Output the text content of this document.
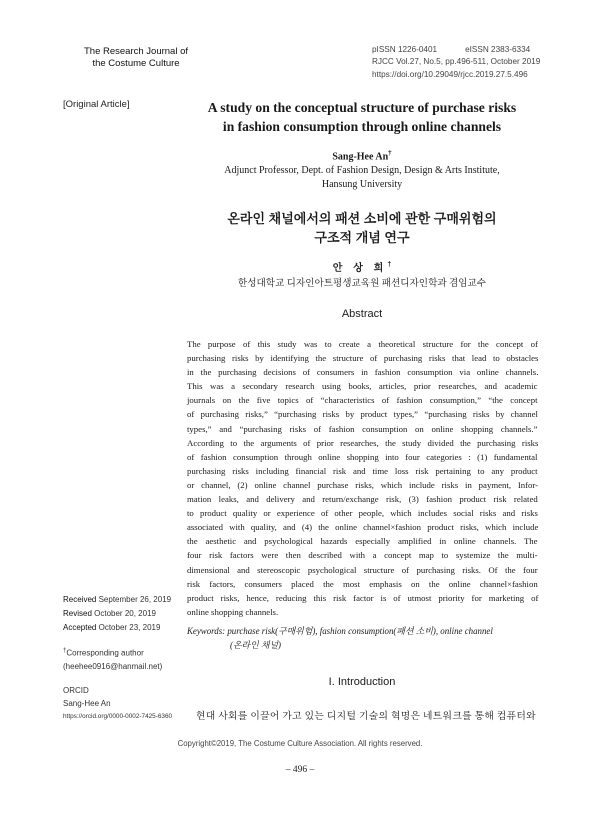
The Research Journal of
the Costume Culture
pISSN 1226-0401	eISSN 2383-6334
RJCC Vol.27, No.5, pp.496-511, October 2019
https://doi.org/10.29049/rjcc.2019.27.5.496
[Original Article]	A study on the conceptual structure of purchase risks
in fashion consumption through online channels
Sang-Hee An†
Adjunct Professor, Dept. of Fashion Design, Design & Arts Institute,
Hansung University
온라인 채널에서의 패션 소비에 관한 구매위험의
구조적 개념 연구
안 상 희†
한성대학교 디자인아트평생교육원 패션디자인학과 겸임교수
Abstract
The purpose of this study was to create a theoretical structure for the concept of
purchasing risks by identifying the structure of purchasing risks that lead to obstacles
in the purchasing decisions of consumers in fashion consumption via online channels.
This was a secondary research using books, articles, prior researches, and academic
journals on the five topics of “characteristics of fashion consumption,” “the concept
of purchasing risks,” “purchasing risks by product types,” “purchasing risks by channel
types,” and “purchasing risks of fashion consumption on online shopping channels.”
According to the arguments of prior researches, the study divided the purchasing risks
of fashion consumption through online shopping into four categories : (1) fundamental
purchasing risks including financial risk and time loss risk pertaining to any product
or channel, (2) online channel purchase risks, which include risks in payment, Infor-
mation leaks, and delivery and return/exchange risk, (3) fashion product risk related
to product quality or experience of other people, which includes social risks and risks
associated with quality, and (4) the online channel×fashion product risks, which include
the aesthetic and psychological hazards especially amplified in online channels. The
four risk factors were then described with a concept map to systemize the multi-
dimensional and stereoscopic psychological structure of purchasing risks. Of the four
risk factors, consumers placed the most emphasis on the online channel×fashion
product risks, hence, reducing this risk factor is of utmost priority for marketing of
online shopping channels.
Keywords: purchase risk(구매위험), fashion consumption(패션 소비), online channel
(온라인 채널)
Received September 26, 2019
Revised October 20, 2019
Accepted October 23, 2019
†Corresponding author
(heehee0916@hanmail.net)
ORCID
Sang-Hee An
https://orcid.org/0000-0002-7425-6360
I. Introduction
현대 사회를 이끌어 가고 있는 디지털 기술의 혁명은 네트워크를 통해 컴퓨터와
Copyright©2019, The Costume Culture Association. All rights reserved.
– 496 –
